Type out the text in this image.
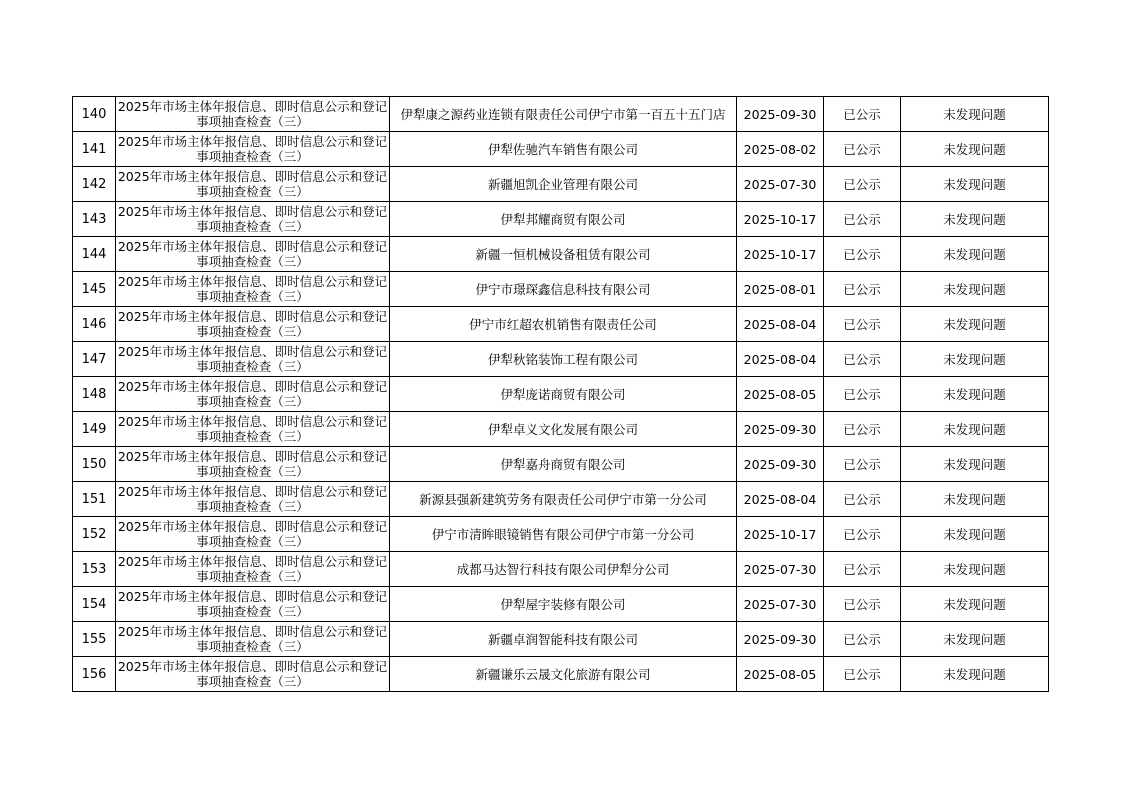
140	2025年市场主体年报信息、即时信息公示和登记事项抽查检查（三）	伊犁康之源药业连锁有限责任公司伊宁市第一百五十五门店	2025-09-30	已公示	未发现问题
141	2025年市场主体年报信息、即时信息公示和登记事项抽查检查（三）	伊犁佐驰汽车销售有限公司	2025-08-02	已公示	未发现问题
142	2025年市场主体年报信息、即时信息公示和登记事项抽查检查（三）	新疆旭凯企业管理有限公司	2025-07-30	已公示	未发现问题
143	2025年市场主体年报信息、即时信息公示和登记事项抽查检查（三）	伊犁邦耀商贸有限公司	2025-10-17	已公示	未发现问题
144	2025年市场主体年报信息、即时信息公示和登记事项抽查检查（三）	新疆一恒机械设备租赁有限公司	2025-10-17	已公示	未发现问题
145	2025年市场主体年报信息、即时信息公示和登记事项抽查检查（三）	伊宁市璟琛鑫信息科技有限公司	2025-08-01	已公示	未发现问题
146	2025年市场主体年报信息、即时信息公示和登记事项抽查检查（三）	伊宁市红超农机销售有限责任公司	2025-08-04	已公示	未发现问题
147	2025年市场主体年报信息、即时信息公示和登记事项抽查检查（三）	伊犁秋铭装饰工程有限公司	2025-08-04	已公示	未发现问题
148	2025年市场主体年报信息、即时信息公示和登记事项抽查检查（三）	伊犁庞诺商贸有限公司	2025-08-05	已公示	未发现问题
149	2025年市场主体年报信息、即时信息公示和登记事项抽查检查（三）	伊犁卓义文化发展有限公司	2025-09-30	已公示	未发现问题
150	2025年市场主体年报信息、即时信息公示和登记事项抽查检查（三）	伊犁嘉舟商贸有限公司	2025-09-30	已公示	未发现问题
151	2025年市场主体年报信息、即时信息公示和登记事项抽查检查（三）	新源县强新建筑劳务有限责任公司伊宁市第一分公司	2025-08-04	已公示	未发现问题
152	2025年市场主体年报信息、即时信息公示和登记事项抽查检查（三）	伊宁市清眸眼镜销售有限公司伊宁市第一分公司	2025-10-17	已公示	未发现问题
153	2025年市场主体年报信息、即时信息公示和登记事项抽查检查（三）	成都马达智行科技有限公司伊犁分公司	2025-07-30	已公示	未发现问题
154	2025年市场主体年报信息、即时信息公示和登记事项抽查检查（三）	伊犁屋宇装修有限公司	2025-07-30	已公示	未发现问题
155	2025年市场主体年报信息、即时信息公示和登记事项抽查检查（三）	新疆卓润智能科技有限公司	2025-09-30	已公示	未发现问题
156	2025年市场主体年报信息、即时信息公示和登记事项抽查检查（三）	新疆谦乐云晟文化旅游有限公司	2025-08-05	已公示	未发现问题
